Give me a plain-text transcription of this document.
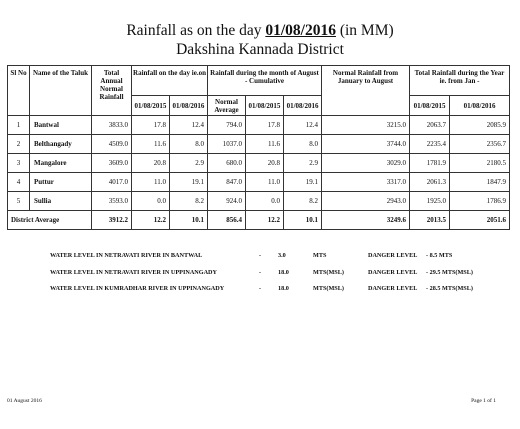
Rainfall as on the day 01/08/2016 (in MM)
Dakshina Kannada District
Sl No	Name of the Taluk	Total Annual Normal Rainfall	Rainfall on the day ie.on		Rainfall during the month of August - Cumulative			Normal Rainfall from January to August	Total Rainfall during the Year ie. from Jan -	
			01/08/2015	01/08/2016	Normal Average	01/08/2015	01/08/2016		01/08/2015	01/08/2016
1	Bantwal	3833.0	17.8	12.4	794.0	17.8	12.4	3215.0	2063.7	2085.9
2	Belthangady	4509.0	11.6	8.0	1037.0	11.6	8.0	3744.0	2235.4	2356.7
3	Mangalore	3609.0	20.8	2.9	680.0	20.8	2.9	3029.0	1781.9	2180.5
4	Puttur	4017.0	11.0	19.1	847.0	11.0	19.1	3317.0	2061.3	1847.9
5	Sullia	3593.0	0.0	8.2	924.0	0.0	8.2	2943.0	1925.0	1786.9
District Average		3912.2	12.2	10.1	856.4	12.2	10.1	3249.6	2013.5	2051.6
WATER LEVEL IN NETRAVATI RIVER IN BANTWAL	-	3.0	MTS	DANGER LEVEL - 8.5 MTS
WATER LEVEL IN NETRAVATI RIVER IN UPPINANGADY	-	18.0	MTS(MSL)	DANGER LEVEL - 29.5 MTS(MSL)
WATER LEVEL IN KUMRADHAR RIVER IN UPPINANGADY	-	18.0	MTS(MSL)	DANGER LEVEL - 28.5 MTS(MSL)
01 August 2016	Page 1 of 1
